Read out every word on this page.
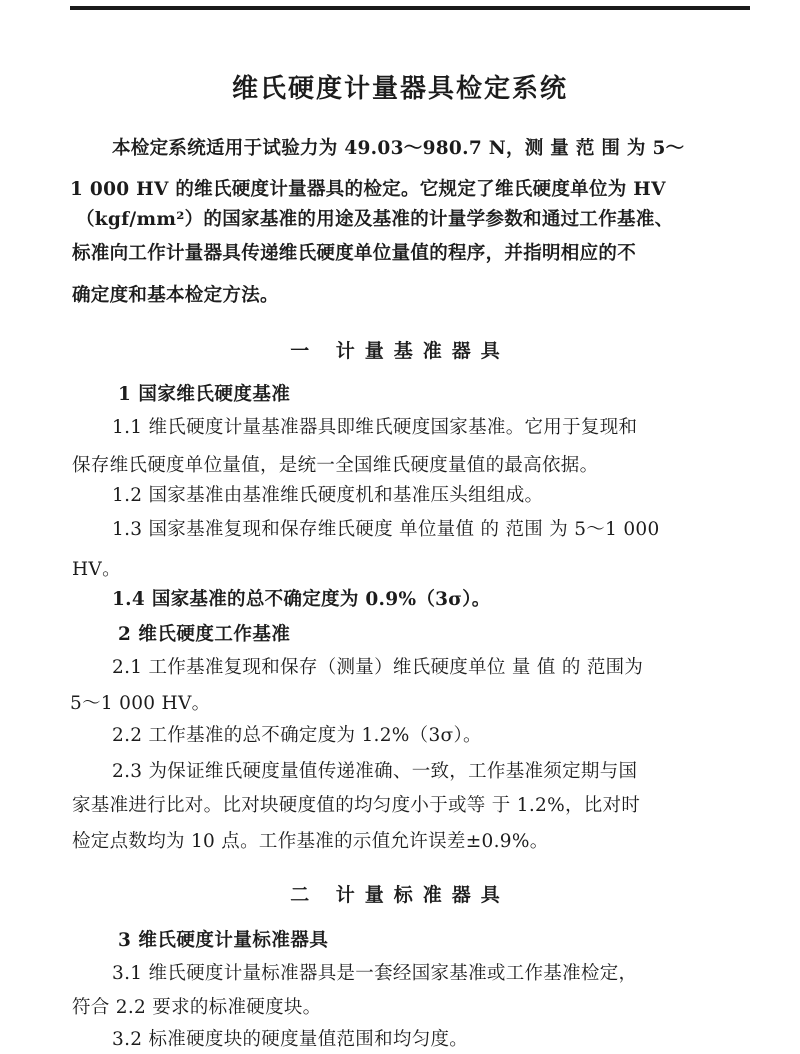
维氏硬度计量器具检定系统
本检定系统适用于试验力为 49.03～980.7 N，测 量 范 围 为 5～
1 000 HV 的维氏硬度计量器具的检定。它规定了维氏硬度单位为 HV
（kgf/mm²）的国家基准的用途及基准的计量学参数和通过工作基准、
标准向工作计量器具传递维氏硬度单位量值的程序，并指明相应的不
确定度和基本检定方法。
一 计量基准器具
1 国家维氏硬度基准
1.1 维氏硬度计量基准器具即维氏硬度国家基准。它用于复现和
保存维氏硬度单位量值，是统一全国维氏硬度量值的最高依据。
1.2 国家基准由基准维氏硬度机和基准压头组组成。
1.3 国家基准复现和保存维氏硬度 单位量值 的 范围 为 5～1 000
HV。
1.4 国家基准的总不确定度为 0.9%（3σ）。
2 维氏硬度工作基准
2.1 工作基准复现和保存（测量）维氏硬度单位 量 值 的 范围为
5～1 000 HV。
2.2 工作基准的总不确定度为 1.2%（3σ）。
2.3 为保证维氏硬度量值传递准确、一致，工作基准须定期与国
家基准进行比对。比对块硬度值的均匀度小于或等 于 1.2%，比对时
检定点数均为 10 点。工作基准的示值允许误差±0.9%。
二 计量标准器具
3 维氏硬度计量标准器具
3.1 维氏硬度计量标准器具是一套经国家基准或工作基准检定，
符合 2.2 要求的标准硬度块。
3.2 标准硬度块的硬度量值范围和均匀度。
